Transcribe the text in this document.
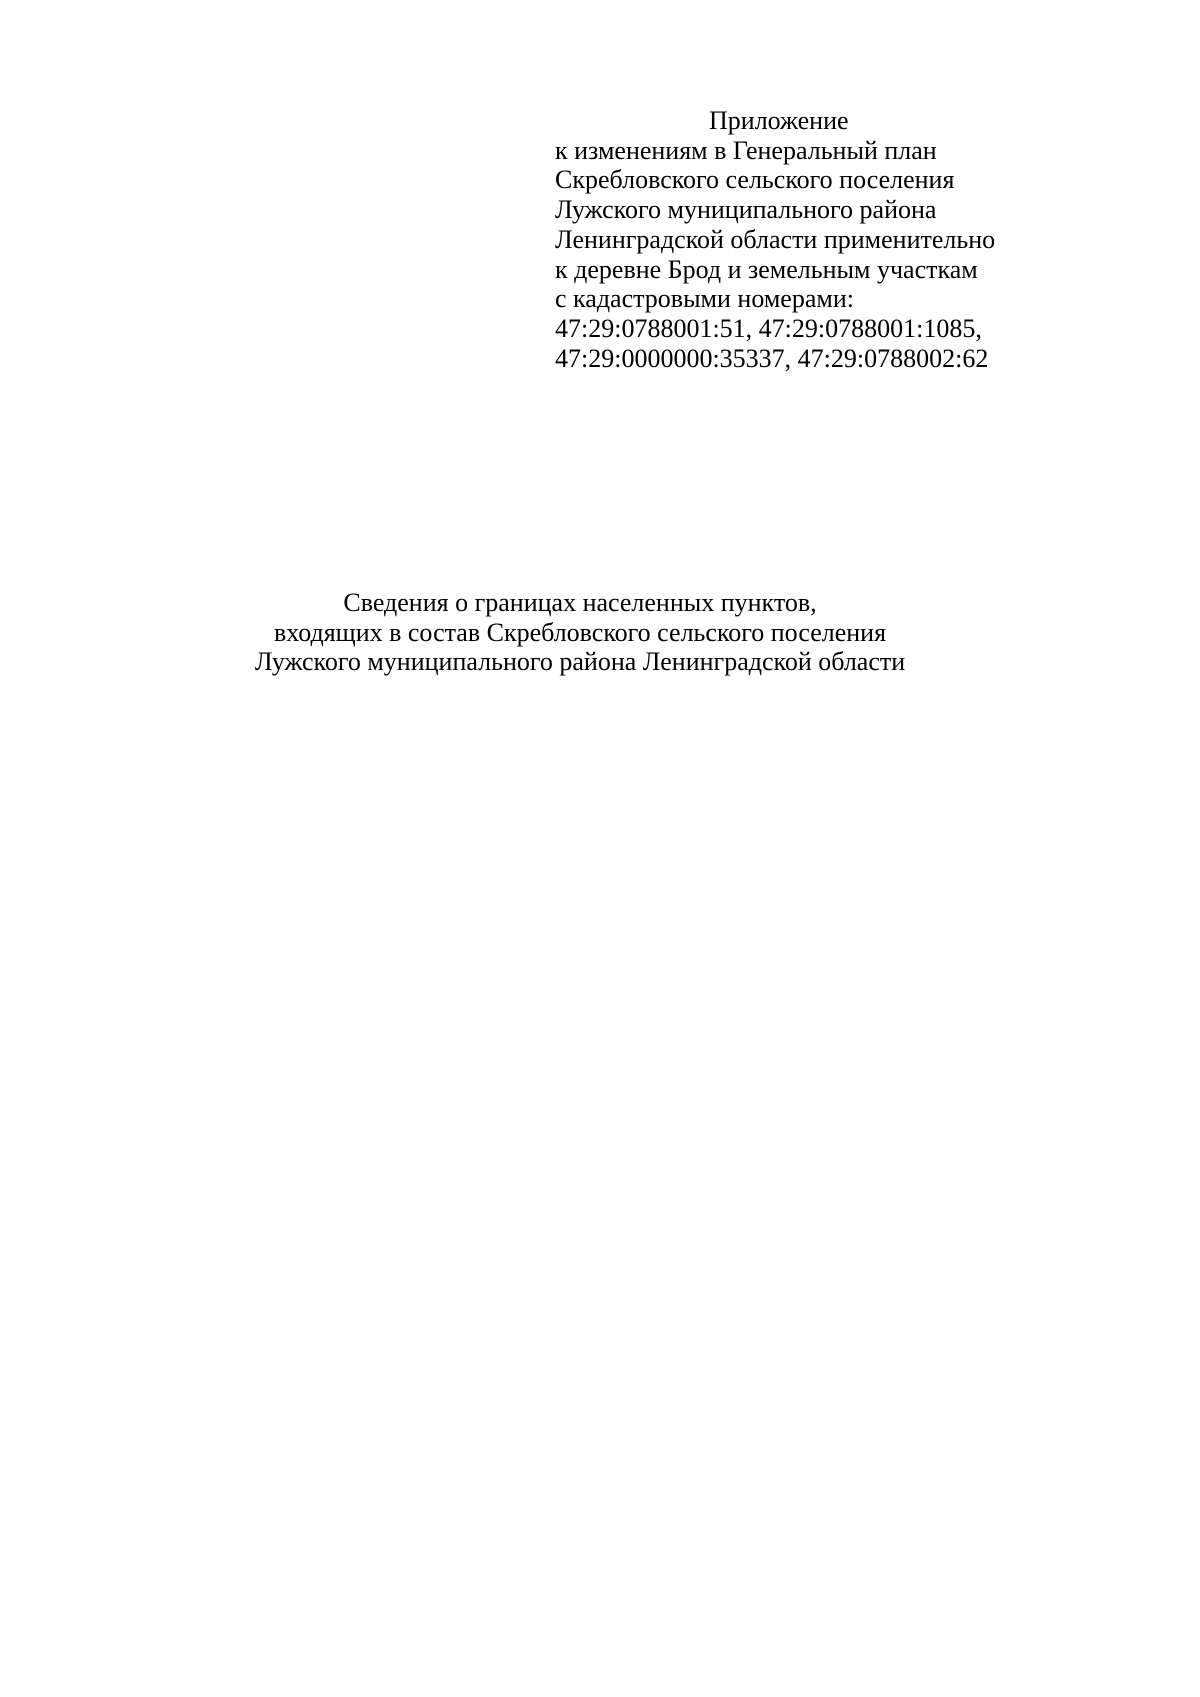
Приложение
к изменениям в Генеральный план
Скребловского сельского поселения
Лужского муниципального района
Ленинградской области применительно
к деревне Брод и земельным участкам
с кадастровыми номерами:
47:29:0788001:51, 47:29:0788001:1085,
47:29:0000000:35337, 47:29:0788002:62
Сведения о границах населенных пунктов,
входящих в состав Скребловского сельского поселения
Лужского муниципального района Ленинградской области
